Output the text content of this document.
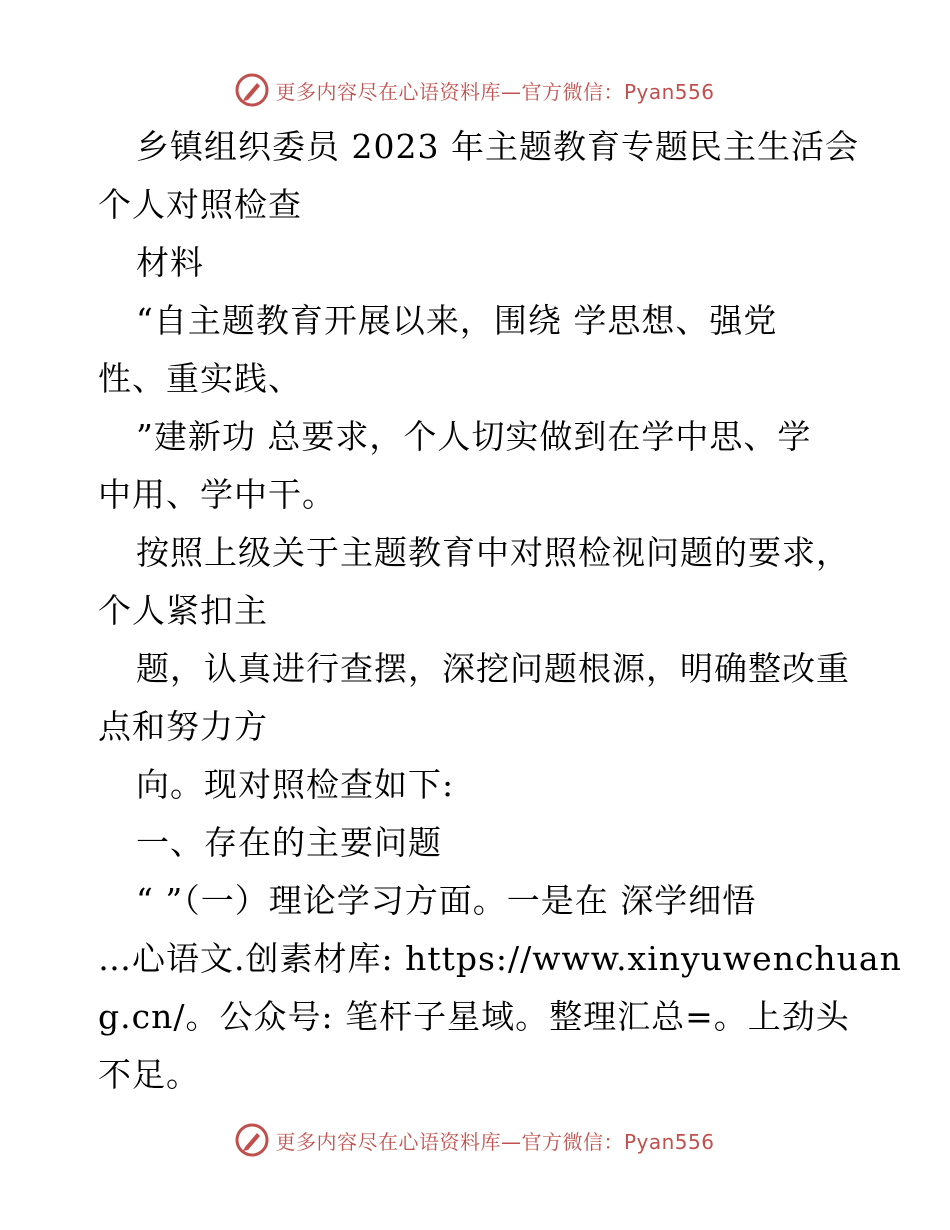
更多内容尽在心语资料库—官方微信：Pyan556
乡镇组织委员 2023 年主题教育专题民主生活会
个人对照检查
材料
“自主题教育开展以来，围绕 学思想、强党
性、重实践、
”建新功 总要求，个人切实做到在学中思、学
中用、学中干。
按照上级关于主题教育中对照检视问题的要求，
个人紧扣主
题，认真进行查摆，深挖问题根源，明确整改重
点和努力方
向。现对照检查如下:
一、存在的主要问题
“ ”（一）理论学习方面。一是在 深学细悟
…心语文.创素材库: https://www.xinyuwenchuan
g.cn/。公众号: 笔杆子星域。整理汇总=。上劲头
不足。
更多内容尽在心语资料库—官方微信：Pyan556
